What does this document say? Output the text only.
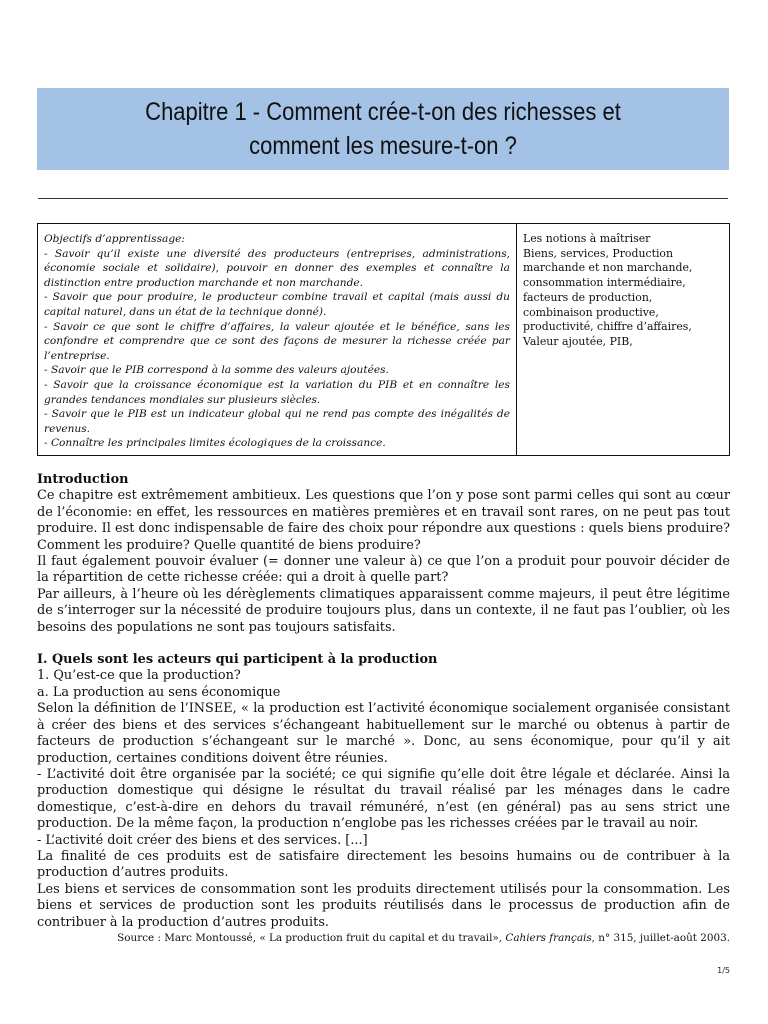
Chapitre 1 - Comment crée-t-on des richesses et comment les mesure-t-on ?

Objectifs d’apprentissage:

- Savoir qu’il existe une diversité des producteurs (entreprises, administrations, économie sociale et solidaire), pouvoir en donner des exemples et connaître la distinction entre production marchande et non marchande.

- Savoir que pour produire, le producteur combine travail et capital (mais aussi du capital naturel, dans un état de la technique donné).

- Savoir ce que sont le chiffre d’affaires, la valeur ajoutée et le bénéfice, sans les confondre et comprendre que ce sont des façons de mesurer la richesse créée par l’entreprise.

- Savoir que le PIB correspond à la somme des valeurs ajoutées.

- Savoir que la croissance économique est la variation du PIB et en connaître les grandes tendances mondiales sur plusieurs siècles.

- Savoir que le PIB est un indicateur global qui ne rend pas compte des inégalités de revenus.

- Connaître les principales limites écologiques de la croissance.

Les notions à maîtriser

Biens, services, Production marchande et non marchande, consommation intermédiaire, facteurs de production, combinaison productive, productivité, chiffre d’affaires, Valeur ajoutée, PIB,

Introduction

Ce chapitre est extrêmement ambitieux. Les questions que l’on y pose sont parmi celles qui sont au cœur de l’économie: en effet, les ressources en matières premières et en travail sont rares, on ne peut pas tout produire. Il est donc indispensable de faire des choix pour répondre aux questions : quels biens produire? Comment les produire? Quelle quantité de biens produire?

Il faut également pouvoir évaluer (= donner une valeur à) ce que l’on a produit pour pouvoir décider de la répartition de cette richesse créée: qui a droit à quelle part?

Par ailleurs, à l’heure où les dérèglements climatiques apparaissent comme majeurs, il peut être légitime de s’interroger sur la nécessité de produire toujours plus, dans un contexte, il ne faut pas l’oublier, où les besoins des populations ne sont pas toujours satisfaits.

I. Quels sont les acteurs qui participent à la production

1. Qu’est-ce que la production?

a. La production au sens économique

Selon la définition de l’INSEE, « la production est l’activité économique socialement organisée consistant à créer des biens et des services s’échangeant habituellement sur le marché ou obtenus à partir de facteurs de production s’échangeant sur le marché ». Donc, au sens économique, pour qu’il y ait production, certaines conditions doivent être réunies.

- L’activité doit être organisée par la société; ce qui signifie qu’elle doit être légale et déclarée. Ainsi la production domestique qui désigne le résultat du travail réalisé par les ménages dans le cadre domestique, c’est-à-dire en dehors du travail rémunéré, n’est (en général) pas au sens strict une production. De la même façon, la production n’englobe pas les richesses créées par le travail au noir.

- L’activité doit créer des biens et des services. [...]

La finalité de ces produits est de satisfaire directement les besoins humains ou de contribuer à la production d’autres produits.

Les biens et services de consommation sont les produits directement utilisés pour la consommation. Les biens et services de production sont les produits réutilisés dans le processus de production afin de contribuer à la production d’autres produits.

Source : Marc Montoussé, « La production fruit du capital et du travail», Cahiers français, n° 315, juillet-août 2003.

1/5
